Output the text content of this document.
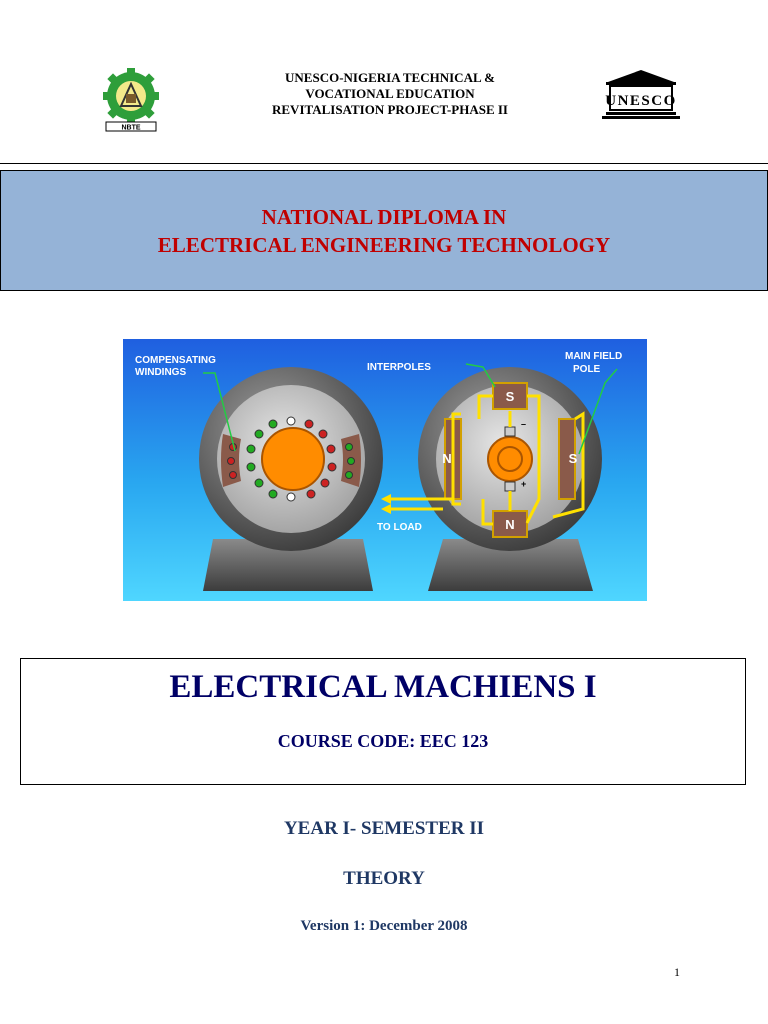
NBTE
UNESCO-NIGERIA TECHNICAL &
VOCATIONAL EDUCATION
REVITALISATION PROJECT-PHASE II
UNESCO
NATIONAL DIPLOMA IN
ELECTRICAL ENGINEERING TECHNOLOGY
COMPENSATING
WINDINGS	INTERPOLES
MAIN FIELD
POLE
TO LOAD
S
N
N	S
–
+
ELECTRICAL MACHIENS I
COURSE CODE: EEC 123
YEAR I- SEMESTER II
THEORY
Version 1: December 2008
1
